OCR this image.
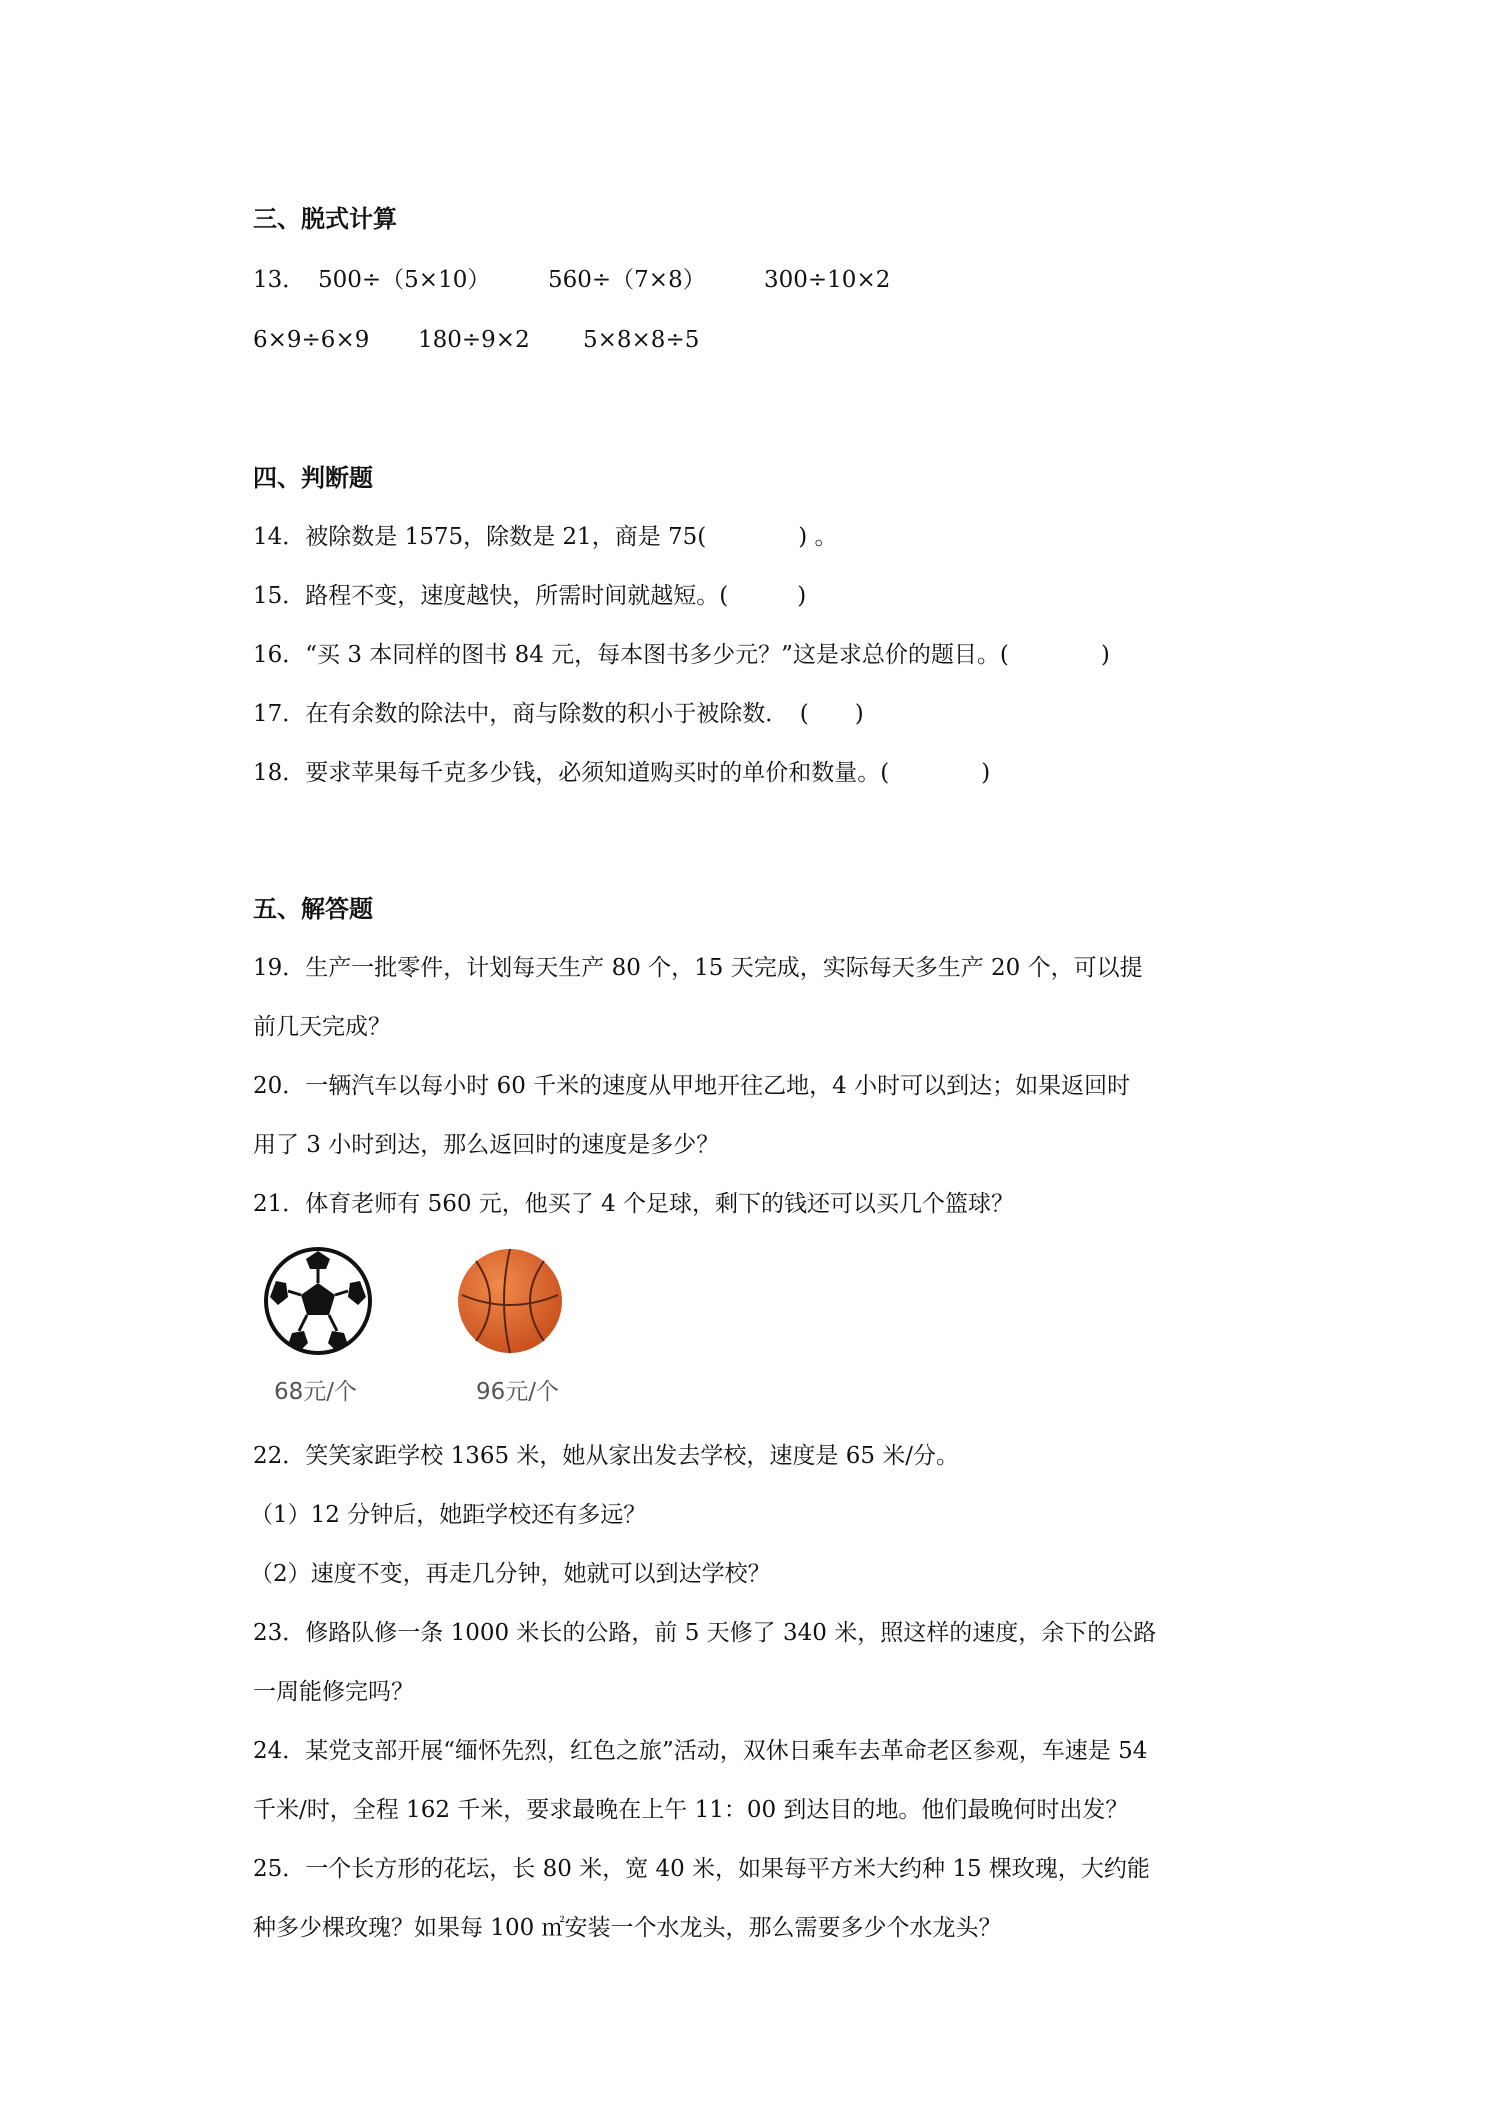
三、脱式计算
13． 500÷（5×10）	560÷（7×8）	300÷10×2
6×9÷6×9 180÷9×2 5×8×8÷5
四、判断题
14．被除数是 1575，除数是 21，商是 75(　　　　) 。
15．路程不变，速度越快，所需时间就越短。(　　　)
16．“买 3 本同样的图书 84 元，每本图书多少元？”这是求总价的题目。(　　　　)
17．在有余数的除法中，商与除数的积小于被除数．　(　　)
18．要求苹果每千克多少钱，必须知道购买时的单价和数量。(　　　　)
五、解答题
19．生产一批零件，计划每天生产 80 个，15 天完成，实际每天多生产 20 个，可以提
前几天完成？
20．一辆汽车以每小时 60 千米的速度从甲地开往乙地，4 小时可以到达；如果返回时
用了 3 小时到达，那么返回时的速度是多少？
21．体育老师有 560 元，他买了 4 个足球，剩下的钱还可以买几个篮球？
68元/个	96元/个
22．笑笑家距学校 1365 米，她从家出发去学校，速度是 65 米/分。
（1）12 分钟后，她距学校还有多远？
（2）速度不变，再走几分钟，她就可以到达学校？
23．修路队修一条 1000 米长的公路，前 5 天修了 340 米，照这样的速度，余下的公路
一周能修完吗？
24．某党支部开展“缅怀先烈，红色之旅”活动，双休日乘车去革命老区参观，车速是 54
千米/时，全程 162 千米，要求最晚在上午 11：00 到达目的地。他们最晚何时出发？
25．一个长方形的花坛，长 80 米，宽 40 米，如果每平方米大约种 15 棵玫瑰，大约能
种多少棵玫瑰？如果每 100 ㎡安装一个水龙头，那么需要多少个水龙头？
